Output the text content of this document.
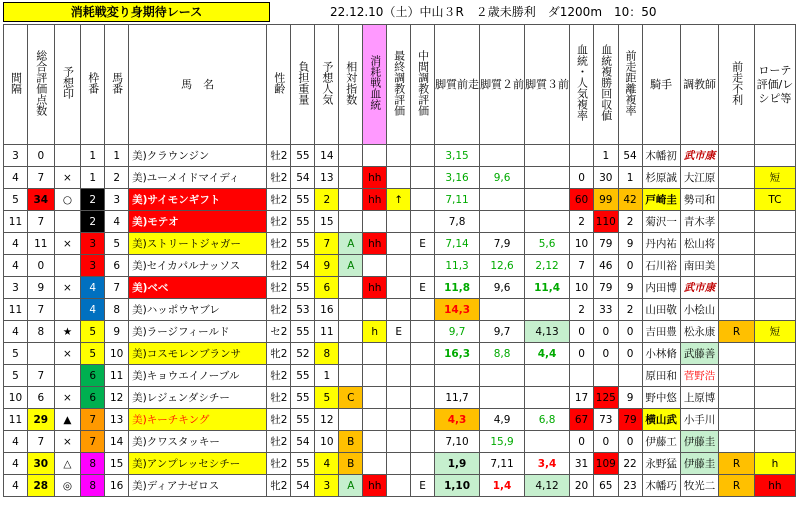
消耗戦変り身期待レース	22.12.10（土）中山３R　２歳未勝利　ダ1200m　10：50
間隔	総合評価点数	予想印	枠番	馬番	馬　名	性齢	負担重量	予想人気	相対指数	消耗戦血統	最終調教評価	中間調教評価	脚質前走	脚質２前	脚質３前	血統・人気複率	血統複勝回収値	前走距離複率	騎手	調教師	前走不利	ローテ評価/レシピ等
3	0		1	1	美)クラウンジン	牡2	55	14					3,15				1	54	木幡初	武市康		
4	7	×	1	2	美)ユーメイドマイディ	牡2	54	13		hh			3,16	9,6		0	30	1	杉原誠	大江原		短
5	34	○	2	3	美)サイモンギフト	牡2	55	2		hh	↑		7,11			60	99	42	戸崎圭	勢司和		TC
11	7		2	4	美)モテオ	牡2	55	15					7,8			2	110	2	菊沢一	青木孝		
4	11	×	3	5	美)ストリートジャガー	牡2	55	7	A	hh		E	7,14	7,9	5,6	10	79	9	丹内祐	松山将		
4	0		3	6	美)セイカパルナッソス	牡2	54	9	A				11,3	12,6	2,12	7	46	0	石川裕	南田美		
3	9	×	4	7	美)ベベ	牡2	55	6		hh		E	11,8	9,6	11,4	10	79	9	内田博	武市康		
11	7		4	8	美)ハッポウヤブレ	牡2	53	16					14,3			2	33	2	山田敬	小桧山		
4	8	★	5	9	美)ラージフィールド	セ2	55	11		h	E		9,7	9,7	4,13	0	0	0	吉田豊	松永康	R	短
5		×	5	10	美)コスモレンブランサ	牝2	52	8					16,3	8,8	4,4	0	0	0	小林脩	武藤善		
5	7		6	11	美)キョウエイノーブル	牡2	55	1											原田和	菅野浩		
10	6	×	6	12	美)レジェンダシチー	牡2	55	5	C				11,7			17	125	9	野中悠	上原博		
11	29	▲	7	13	美)キーチキング	牡2	55	12					4,3	4,9	6,8	67	73	79	横山武	小手川		
4	7	×	7	14	美)クワスタッキー	牡2	54	10	B				7,10	15,9		0	0	0	伊藤工	伊藤圭		
4	30	△	8	15	美)アンプレッセシチー	牡2	55	4	B				1,9	7,11	3,4	31	109	22	永野猛	伊藤圭	R	h
4	28	◎	8	16	美)ディアナゼロス	牝2	54	3	A	hh		E	1,10	1,4	4,12	20	65	23	木幡巧	牧光二	R	hh
